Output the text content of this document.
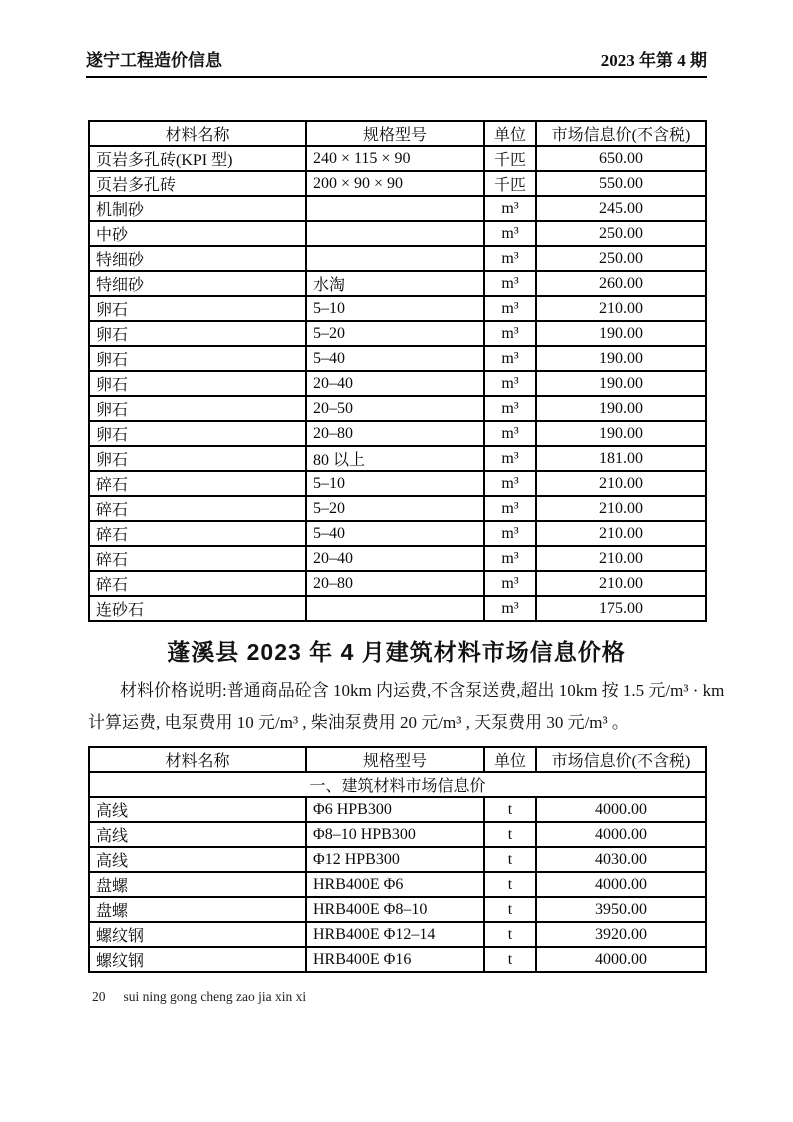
遂宁工程造价信息	2023 年第 4 期
材料名称	规格型号	单位	市场信息价(不含税)
页岩多孔砖(KPI 型)	240 × 115 × 90	千匹	650.00
页岩多孔砖	200 × 90 × 90	千匹	550.00
机制砂		m³	245.00
中砂		m³	250.00
特细砂		m³	250.00
特细砂	水淘	m³	260.00
卵石	5–10	m³	210.00
卵石	5–20	m³	190.00
卵石	5–40	m³	190.00
卵石	20–40	m³	190.00
卵石	20–50	m³	190.00
卵石	20–80	m³	190.00
卵石	80 以上	m³	181.00
碎石	5–10	m³	210.00
碎石	5–20	m³	210.00
碎石	5–40	m³	210.00
碎石	20–40	m³	210.00
碎石	20–80	m³	210.00
连砂石		m³	175.00
蓬溪县 2023 年 4 月建筑材料市场信息价格
材料价格说明:普通商品砼含 10km 内运费,不含泵送费,超出 10km 按 1.5 元/m³ · km
计算运费, 电泵费用 10 元/m³ , 柴油泵费用 20 元/m³ , 天泵费用 30 元/m³ 。
材料名称	规格型号	单位	市场信息价(不含税)
一、建筑材料市场信息价			
高线	Φ6 HPB300	t	4000.00
高线	Φ8–10 HPB300	t	4000.00
高线	Φ12 HPB300	t	4030.00
盘螺	HRB400E Φ6	t	4000.00
盘螺	HRB400E Φ8–10	t	3950.00
螺纹钢	HRB400E Φ12–14	t	3920.00
螺纹钢	HRB400E Φ16	t	4000.00
20 sui ning gong cheng zao jia xin xi
